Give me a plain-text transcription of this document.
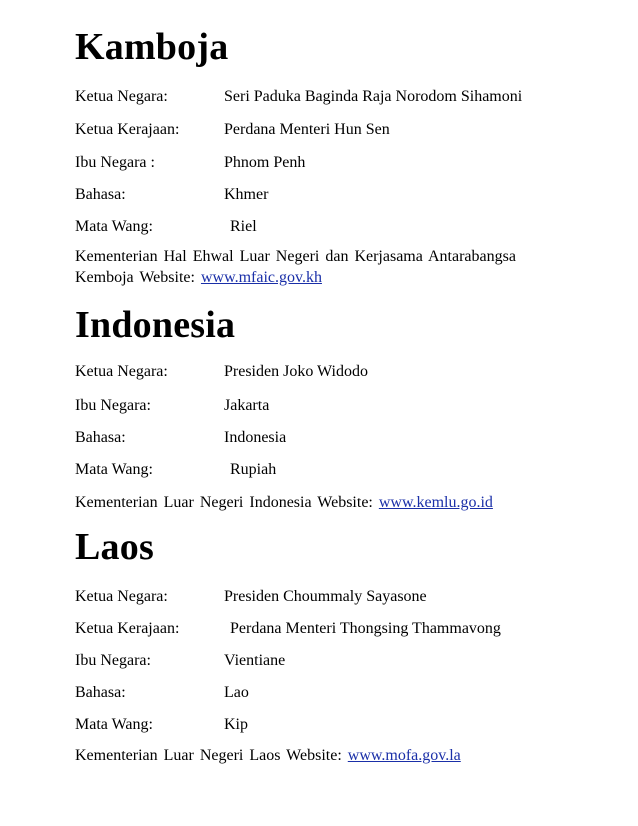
Kamboja
Ketua Negara:	Seri Paduka Baginda Raja Norodom Sihamoni
Ketua Kerajaan:	Perdana Menteri Hun Sen
Ibu Negara :	Phnom Penh
Bahasa:	Khmer
Mata Wang:	Riel
Kementerian Hal Ehwal Luar Negeri dan Kerjasama Antarabangsa Kemboja Website: www.mfaic.gov.kh
Indonesia
Ketua Negara:	Presiden Joko Widodo
Ibu Negara:	Jakarta
Bahasa:	Indonesia
Mata Wang:	Rupiah
Kementerian Luar Negeri Indonesia Website: www.kemlu.go.id
Laos
Ketua Negara:	Presiden Choummaly Sayasone
Ketua Kerajaan:	Perdana Menteri Thongsing Thammavong
Ibu Negara:	Vientiane
Bahasa:	Lao
Mata Wang:	Kip
Kementerian Luar Negeri Laos Website: www.mofa.gov.la
